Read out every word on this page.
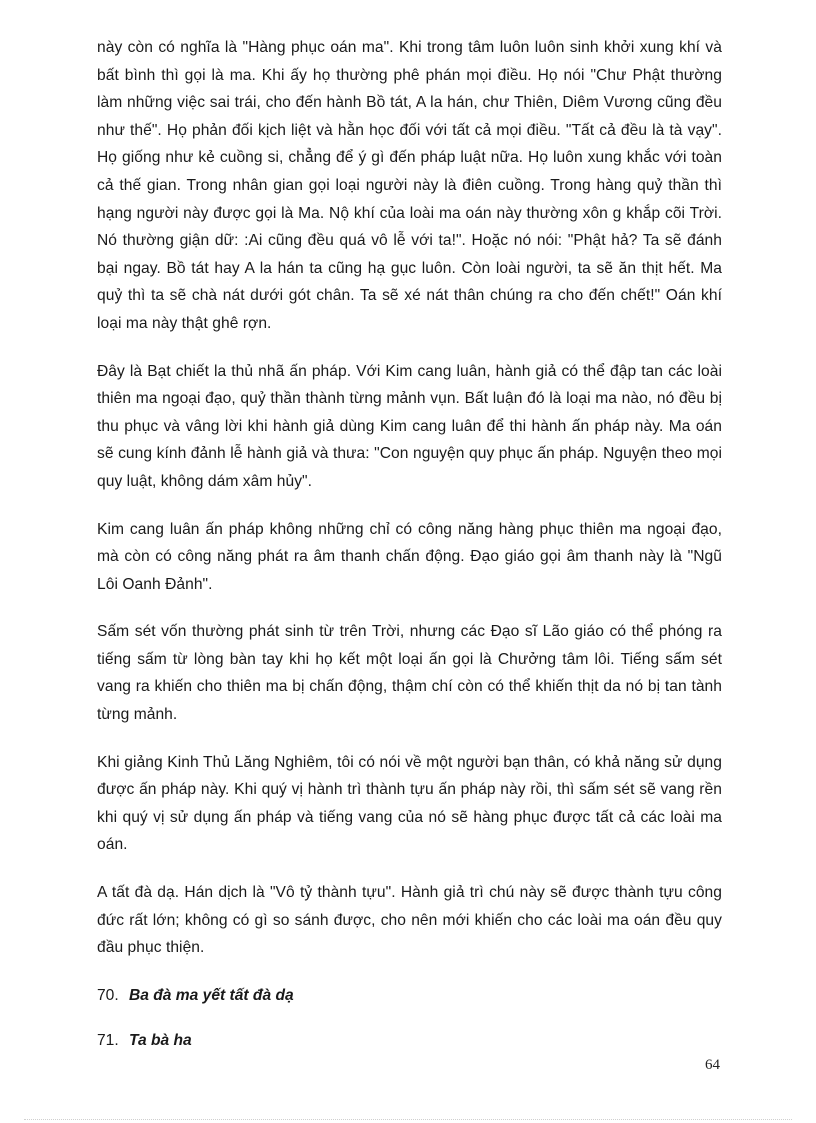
này còn có nghĩa là "Hàng phục oán ma". Khi trong tâm luôn luôn sinh khởi xung khí và bất bình thì gọi là ma. Khi ấy họ thường phê phán mọi điều. Họ nói "Chư Phật thường làm những việc sai trái, cho đến hành Bồ tát, A la hán, chư Thiên, Diêm Vương cũng đều như thế". Họ phản đối kịch liệt và hằn học đối với tất cả mọi điều. "Tất cả đều là tà vạy". Họ giống như kẻ cuồng si, chẳng để ý gì đến pháp luật nữa. Họ luôn xung khắc với toàn cả thế gian. Trong nhân gian gọi loại người này là điên cuồng. Trong hàng quỷ thần thì hạng người này được gọi là Ma. Nộ khí của loài ma oán này thường xôn g khắp cõi Trời. Nó thường giận dữ: :Ai cũng đều quá vô lễ với ta!". Hoặc nó nói: "Phật hả? Ta sẽ đánh bại ngay. Bồ tát hay A la hán ta cũng hạ gục luôn. Còn loài người, ta sẽ ăn thịt hết. Ma quỷ thì ta sẽ chà nát dưới gót chân. Ta sẽ xé nát thân chúng ra cho đến chết!" Oán khí loại ma này thật ghê rợn.

Đây là Bạt chiết la thủ nhã ấn pháp. Với Kim cang luân, hành giả có thể đập tan các loài thiên ma ngoại đạo, quỷ thần thành từng mảnh vụn. Bất luận đó là loại ma nào, nó đều bị thu phục và vâng lời khi hành giả dùng Kim cang luân để thi hành ấn pháp này. Ma oán sẽ cung kính đảnh lễ hành giả và thưa: "Con nguyện quy phục ấn pháp. Nguyện theo mọi quy luật, không dám xâm hủy".

Kim cang luân ấn pháp không những chỉ có công năng hàng phục thiên ma ngoại đạo, mà còn có công năng phát ra âm thanh chấn động. Đạo giáo gọi âm thanh này là "Ngũ Lôi Oanh Đảnh".

Sấm sét vốn thường phát sinh từ trên Trời, nhưng các Đạo sĩ Lão giáo có thể phóng ra tiếng sấm từ lòng bàn tay khi họ kết một loại ấn gọi là Chưởng tâm lôi. Tiếng sấm sét vang ra khiến cho thiên ma bị chấn động, thậm chí còn có thể khiến thịt da nó bị tan tành từng mảnh.

Khi giảng Kinh Thủ Lăng Nghiêm, tôi có nói về một người bạn thân, có khả năng sử dụng được ấn pháp này. Khi quý vị hành trì thành tựu ấn pháp này rồi, thì sấm sét sẽ vang rền khi quý vị sử dụng ấn pháp và tiếng vang của nó sẽ hàng phục được tất cả các loài ma oán.

A tất đà dạ. Hán dịch là "Vô tỷ thành tựu". Hành giả trì chú này sẽ được thành tựu công đức rất lớn; không có gì so sánh được, cho nên mới khiến cho các loài ma oán đều quy đầu phục thiện.

70. Ba đà ma yết tất đà dạ
71. Ta bà ha
64
